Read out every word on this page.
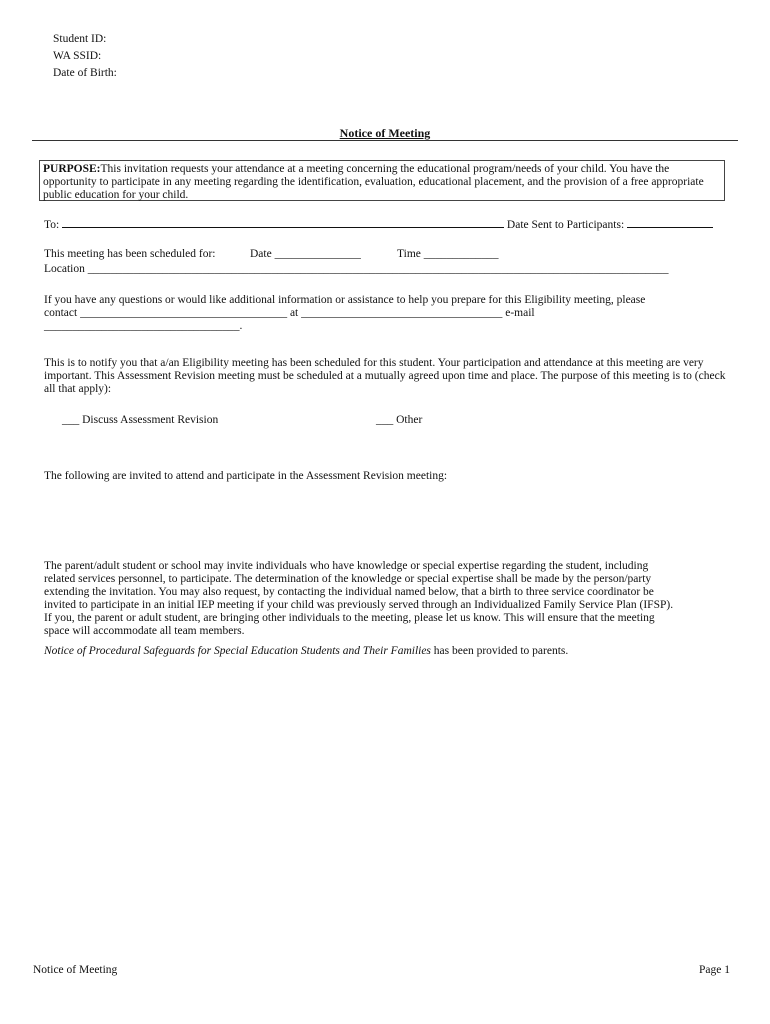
Student ID:
WA SSID:
Date of Birth:
Notice of Meeting
PURPOSE:This invitation requests your attendance at a meeting concerning the educational program/needs of your child. You have the opportunity to participate in any meeting regarding the identification, evaluation, educational placement, and the provision of a free appropriate public education for your child.
To:	Date Sent to Participants:
This meeting has been scheduled for:	Date _______________	Time _____________
Location _____________________________________________________________________________________________________
If you have any questions or would like additional information or assistance to help you prepare for this Eligibility meeting, please
contact ____________________________________ at ___________________________________ e-mail
__________________________________.
This is to notify you that a/an Eligibility meeting has been scheduled for this student. Your participation and attendance at this meeting are very important. This Assessment Revision meeting must be scheduled at a mutually agreed upon time and place. The purpose of this meeting is to (check all that apply):
___ Discuss Assessment Revision	___ Other
The following are invited to attend and participate in the Assessment Revision meeting:
The parent/adult student or school may invite individuals who have knowledge or special expertise regarding the student, including
related services personnel, to participate. The determination of the knowledge or special expertise shall be made by the person/party
extending the invitation. You may also request, by contacting the individual named below, that a birth to three service coordinator be
invited to participate in an initial IEP meeting if your child was previously served through an Individualized Family Service Plan (IFSP).
If you, the parent or adult student, are bringing other individuals to the meeting, please let us know. This will ensure that the meeting
space will accommodate all team members.
Notice of Procedural Safeguards for Special Education Students and Their Families has been provided to parents.
Notice of Meeting	Page 1
